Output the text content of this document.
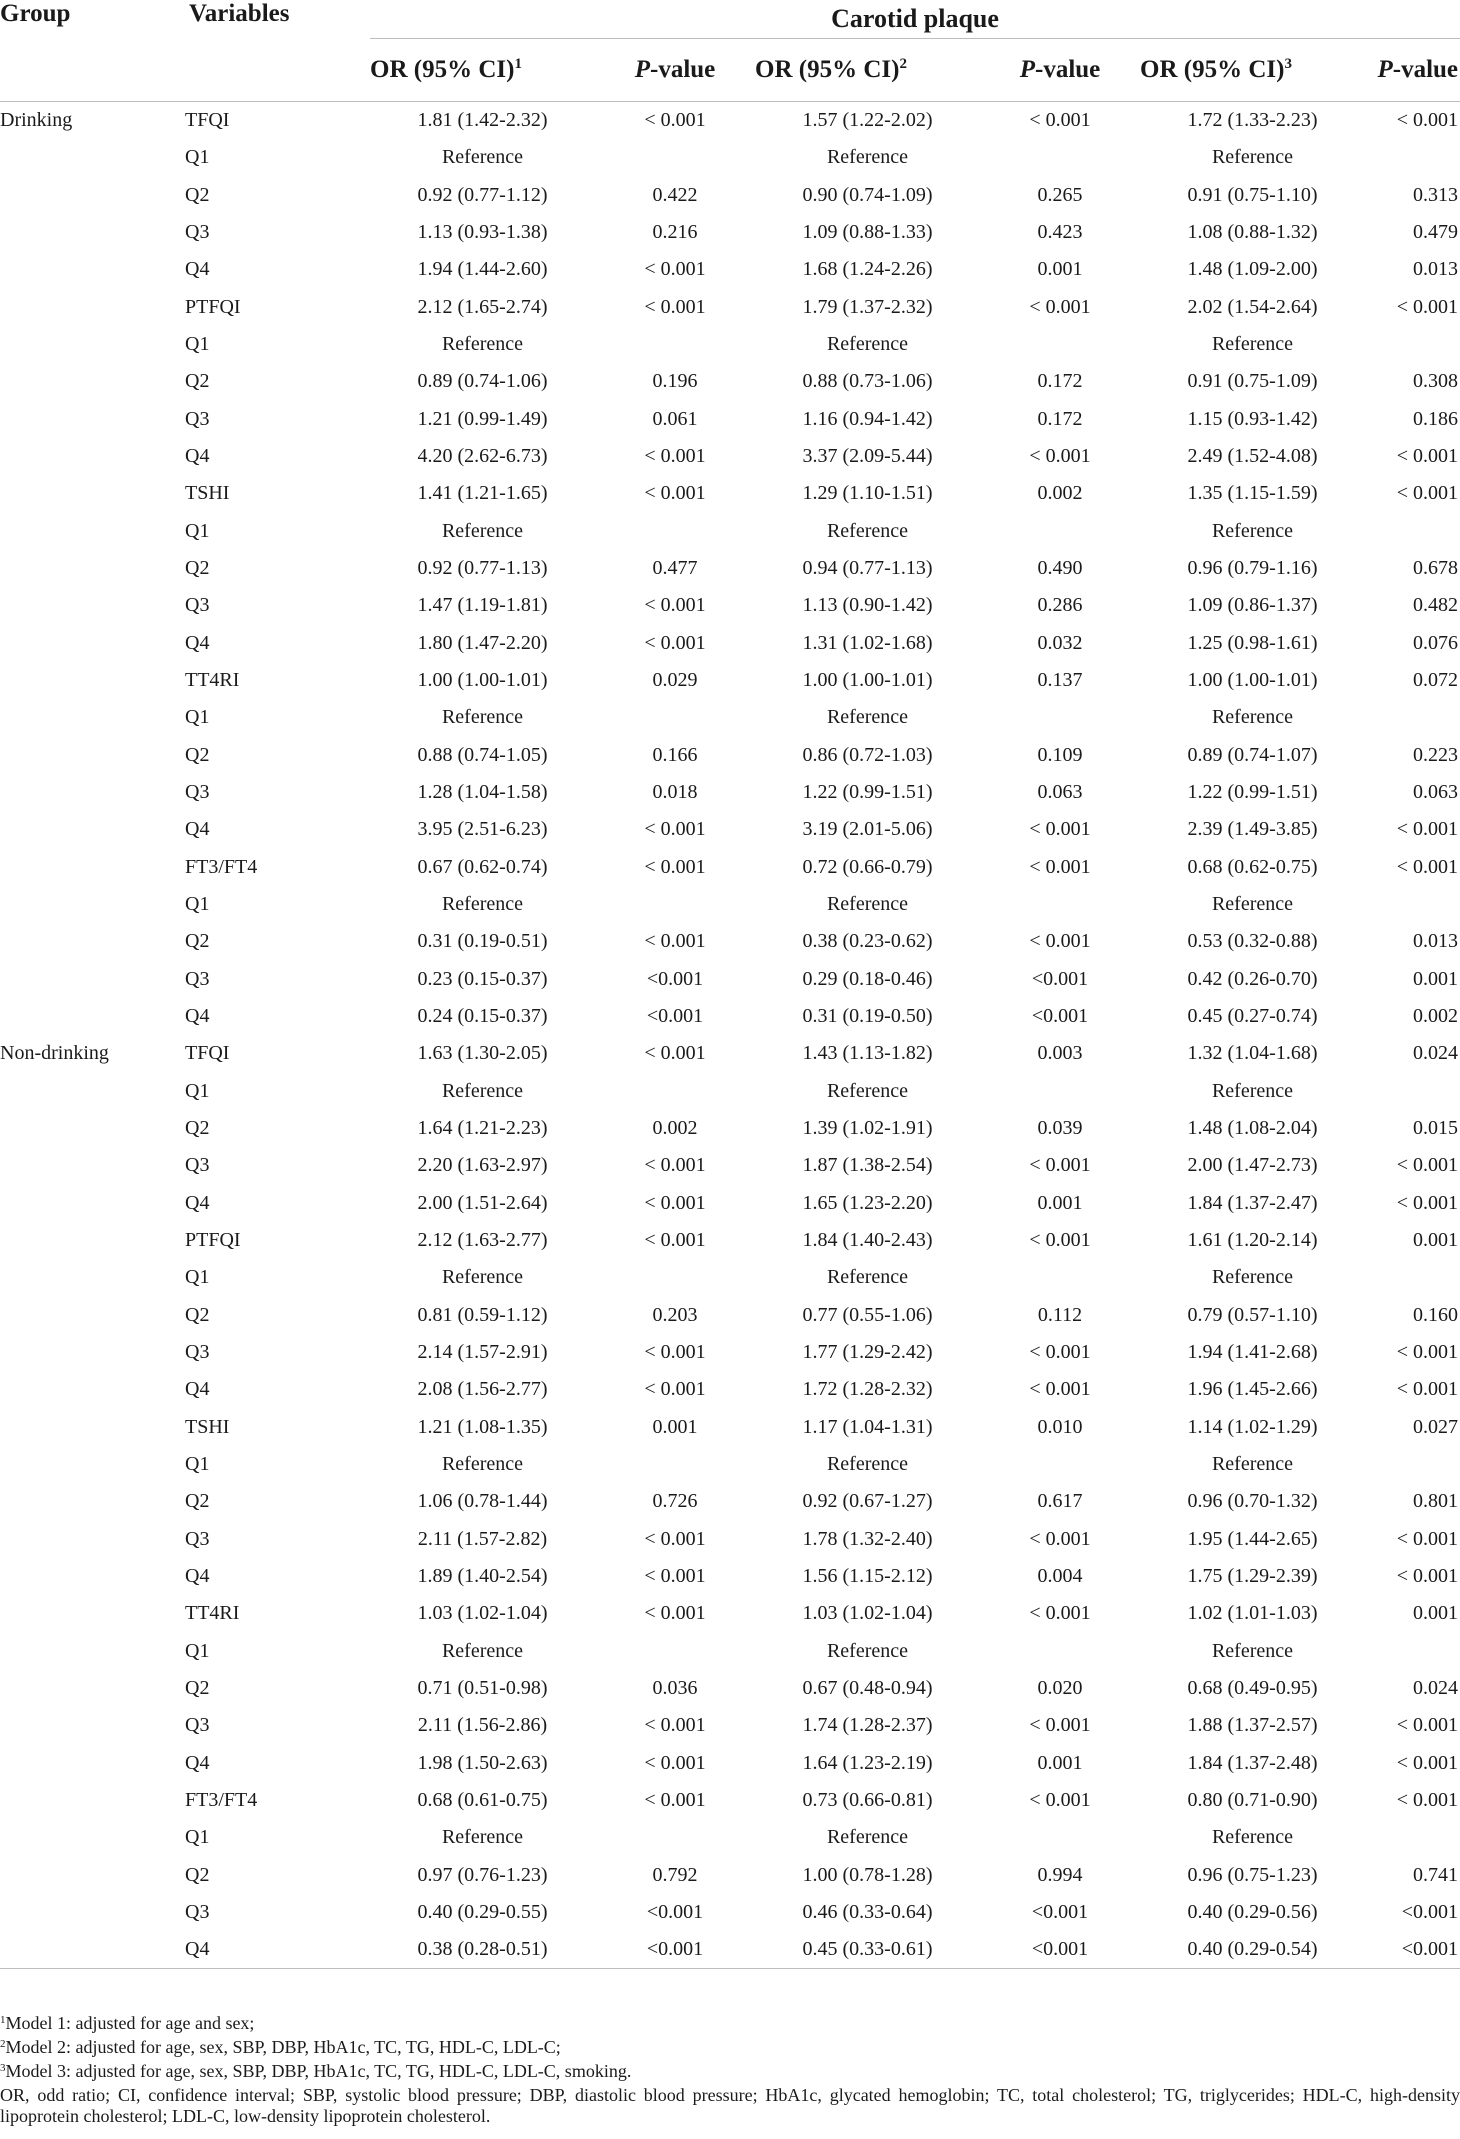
Group	Variables	Carotid plaque					
		OR (95% CI)$^1$	P-value	OR (95% CI)$^2$	P-value	OR (95% CI)$^3$	P-value
Drinking	TFQI	1.81 (1.42-2.32)	< 0.001	1.57 (1.22-2.02)	< 0.001	1.72 (1.33-2.23)	< 0.001
	Q1	Reference		Reference		Reference	
	Q2	0.92 (0.77-1.12)	0.422	0.90 (0.74-1.09)	0.265	0.91 (0.75-1.10)	0.313
	Q3	1.13 (0.93-1.38)	0.216	1.09 (0.88-1.33)	0.423	1.08 (0.88-1.32)	0.479
	Q4	1.94 (1.44-2.60)	< 0.001	1.68 (1.24-2.26)	0.001	1.48 (1.09-2.00)	0.013
	PTFQI	2.12 (1.65-2.74)	< 0.001	1.79 (1.37-2.32)	< 0.001	2.02 (1.54-2.64)	< 0.001
	Q1	Reference		Reference		Reference	
	Q2	0.89 (0.74-1.06)	0.196	0.88 (0.73-1.06)	0.172	0.91 (0.75-1.09)	0.308
	Q3	1.21 (0.99-1.49)	0.061	1.16 (0.94-1.42)	0.172	1.15 (0.93-1.42)	0.186
	Q4	4.20 (2.62-6.73)	< 0.001	3.37 (2.09-5.44)	< 0.001	2.49 (1.52-4.08)	< 0.001
	TSHI	1.41 (1.21-1.65)	< 0.001	1.29 (1.10-1.51)	0.002	1.35 (1.15-1.59)	< 0.001
	Q1	Reference		Reference		Reference	
	Q2	0.92 (0.77-1.13)	0.477	0.94 (0.77-1.13)	0.490	0.96 (0.79-1.16)	0.678
	Q3	1.47 (1.19-1.81)	< 0.001	1.13 (0.90-1.42)	0.286	1.09 (0.86-1.37)	0.482
	Q4	1.80 (1.47-2.20)	< 0.001	1.31 (1.02-1.68)	0.032	1.25 (0.98-1.61)	0.076
	TT4RI	1.00 (1.00-1.01)	0.029	1.00 (1.00-1.01)	0.137	1.00 (1.00-1.01)	0.072
	Q1	Reference		Reference		Reference	
	Q2	0.88 (0.74-1.05)	0.166	0.86 (0.72-1.03)	0.109	0.89 (0.74-1.07)	0.223
	Q3	1.28 (1.04-1.58)	0.018	1.22 (0.99-1.51)	0.063	1.22 (0.99-1.51)	0.063
	Q4	3.95 (2.51-6.23)	< 0.001	3.19 (2.01-5.06)	< 0.001	2.39 (1.49-3.85)	< 0.001
	FT3/FT4	0.67 (0.62-0.74)	< 0.001	0.72 (0.66-0.79)	< 0.001	0.68 (0.62-0.75)	< 0.001
	Q1	Reference		Reference		Reference	
	Q2	0.31 (0.19-0.51)	< 0.001	0.38 (0.23-0.62)	< 0.001	0.53 (0.32-0.88)	0.013
	Q3	0.23 (0.15-0.37)	<0.001	0.29 (0.18-0.46)	<0.001	0.42 (0.26-0.70)	0.001
	Q4	0.24 (0.15-0.37)	<0.001	0.31 (0.19-0.50)	<0.001	0.45 (0.27-0.74)	0.002
Non-drinking	TFQI	1.63 (1.30-2.05)	< 0.001	1.43 (1.13-1.82)	0.003	1.32 (1.04-1.68)	0.024
	Q1	Reference		Reference		Reference	
	Q2	1.64 (1.21-2.23)	0.002	1.39 (1.02-1.91)	0.039	1.48 (1.08-2.04)	0.015
	Q3	2.20 (1.63-2.97)	< 0.001	1.87 (1.38-2.54)	< 0.001	2.00 (1.47-2.73)	< 0.001
	Q4	2.00 (1.51-2.64)	< 0.001	1.65 (1.23-2.20)	0.001	1.84 (1.37-2.47)	< 0.001
	PTFQI	2.12 (1.63-2.77)	< 0.001	1.84 (1.40-2.43)	< 0.001	1.61 (1.20-2.14)	0.001
	Q1	Reference		Reference		Reference	
	Q2	0.81 (0.59-1.12)	0.203	0.77 (0.55-1.06)	0.112	0.79 (0.57-1.10)	0.160
	Q3	2.14 (1.57-2.91)	< 0.001	1.77 (1.29-2.42)	< 0.001	1.94 (1.41-2.68)	< 0.001
	Q4	2.08 (1.56-2.77)	< 0.001	1.72 (1.28-2.32)	< 0.001	1.96 (1.45-2.66)	< 0.001
	TSHI	1.21 (1.08-1.35)	0.001	1.17 (1.04-1.31)	0.010	1.14 (1.02-1.29)	0.027
	Q1	Reference		Reference		Reference	
	Q2	1.06 (0.78-1.44)	0.726	0.92 (0.67-1.27)	0.617	0.96 (0.70-1.32)	0.801
	Q3	2.11 (1.57-2.82)	< 0.001	1.78 (1.32-2.40)	< 0.001	1.95 (1.44-2.65)	< 0.001
	Q4	1.89 (1.40-2.54)	< 0.001	1.56 (1.15-2.12)	0.004	1.75 (1.29-2.39)	< 0.001
	TT4RI	1.03 (1.02-1.04)	< 0.001	1.03 (1.02-1.04)	< 0.001	1.02 (1.01-1.03)	0.001
	Q1	Reference		Reference		Reference	
	Q2	0.71 (0.51-0.98)	0.036	0.67 (0.48-0.94)	0.020	0.68 (0.49-0.95)	0.024
	Q3	2.11 (1.56-2.86)	< 0.001	1.74 (1.28-2.37)	< 0.001	1.88 (1.37-2.57)	< 0.001
	Q4	1.98 (1.50-2.63)	< 0.001	1.64 (1.23-2.19)	0.001	1.84 (1.37-2.48)	< 0.001
	FT3/FT4	0.68 (0.61-0.75)	< 0.001	0.73 (0.66-0.81)	< 0.001	0.80 (0.71-0.90)	< 0.001
	Q1	Reference		Reference		Reference	
	Q2	0.97 (0.76-1.23)	0.792	1.00 (0.78-1.28)	0.994	0.96 (0.75-1.23)	0.741
	Q3	0.40 (0.29-0.55)	<0.001	0.46 (0.33-0.64)	<0.001	0.40 (0.29-0.56)	<0.001
	Q4	0.38 (0.28-0.51)	<0.001	0.45 (0.33-0.61)	<0.001	0.40 (0.29-0.54)	<0.001

$^1$Model 1: adjusted for age and sex;

$^2$Model 2: adjusted for age, sex, SBP, DBP, HbA1c, TC, TG, HDL-C, LDL-C;

$^3$Model 3: adjusted for age, sex, SBP, DBP, HbA1c, TC, TG, HDL-C, LDL-C, smoking.

OR, odd ratio; CI, confidence interval; SBP, systolic blood pressure; DBP, diastolic blood pressure; HbA1c, glycated hemoglobin; TC, total cholesterol; TG, triglycerides; HDL-C, high-density lipoprotein cholesterol; LDL-C, low-density lipoprotein cholesterol.
